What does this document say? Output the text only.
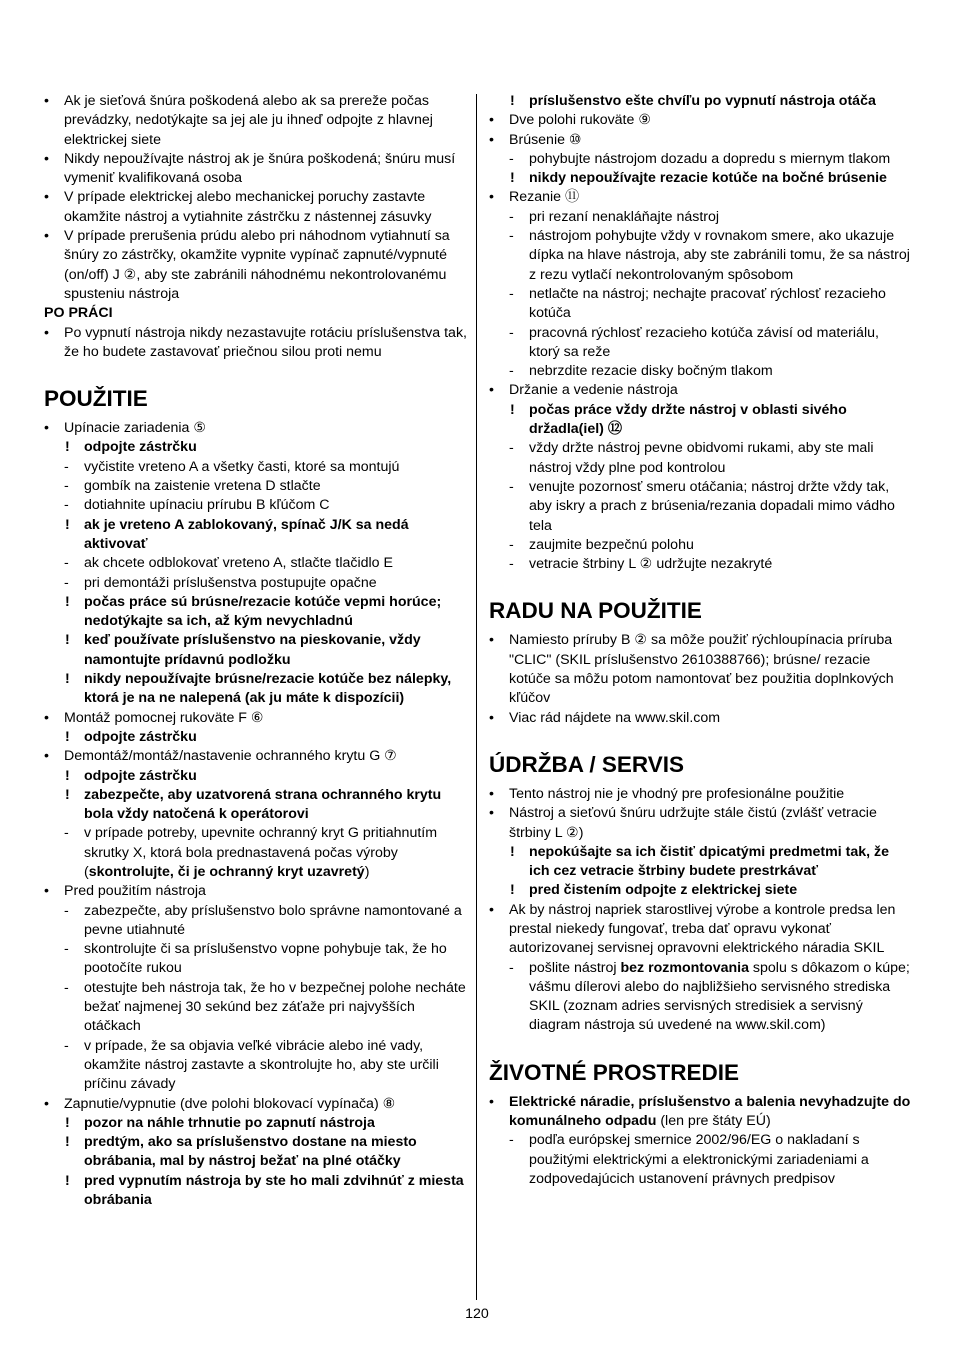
• Ak je sieťová šnúra poškodená alebo ak sa prereže počas prevádzky, nedotýkajte sa jej ale ju ihneď odpojte z hlavnej elektrickej siete
• Nikdy nepoužívajte nástroj ak je šnúra poškodená; šnúru musí vymeniť kvalifikovaná osoba
• V prípade elektrickej alebo mechanickej poruchy zastavte okamžite nástroj a vytiahnite zástrčku z nástennej zásuvky
• V prípade prerušenia prúdu alebo pri náhodnom vytiahnutí sa šnúry zo zástrčky, okamžite vypnite vypínač zapnuté/vypnuté (on/off) J ②, aby ste zabránili náhodnému nekontrolovanému spusteniu nástroja
PO PRÁCI
• Po vypnutí nástroja nikdy nezastavujte rotáciu príslušenstva tak, že ho budete zastavovať priečnou silou proti nemu
POUŽITIE
• Upínacie zariadenia ⑤
! odpojte zástrčku
- vyčistite vreteno A a všetky časti, ktoré sa montujú
- gombík na zaistenie vretena D stlačte
- dotiahnite upínaciu prírubu B kľúčom C
! ak je vreteno A zablokovaný, spínač J/K sa nedá aktivovať
- ak chcete odblokovať vreteno A, stlačte tlačidlo E
- pri demontáži príslušenstva postupujte opačne
! počas práce sú brúsne/rezacie kotúče vepmi horúce; nedotýkajte sa ich, až kým nevychladnú
! keď používate príslušenstvo na pieskovanie, vždy namontujte prídavnú podložku
! nikdy nepoužívajte brúsne/rezacie kotúče bez nálepky, ktorá je na ne nalepená (ak ju máte k dispozícii)
• Montáž pomocnej rukoväte F ⑥
! odpojte zástrčku
• Demontáž/montáž/nastavenie ochranného krytu G ⑦
! odpojte zástrčku
! zabezpečte, aby uzatvorená strana ochranného krytu bola vždy natočená k operátorovi
- v prípade potreby, upevnite ochranný kryt G pritiahnutím skrutky X, ktorá bola prednastavená počas výroby (skontrolujte, či je ochranný kryt uzavretý)
• Pred použitím nástroja
- zabezpečte, aby príslušenstvo bolo správne namontované a pevne utiahnuté
- skontrolujte či sa príslušenstvo vopne pohybuje tak, že ho pootočíte rukou
- otestujte beh nástroja tak, že ho v bezpečnej polohe necháte bežať najmenej 30 sekúnd bez záťaže pri najvyšších otáčkach
- v prípade, že sa objavia veľké vibrácie alebo iné vady, okamžite nástroj zastavte a skontrolujte ho, aby ste určili príčinu závady
• Zapnutie/vypnutie (dve polohi blokovací vypínača) ⑧
! pozor na náhle trhnutie po zapnutí nástroja
! predtým, ako sa príslušenstvo dostane na miesto obrábania, mal by nástroj bežať na plné otáčky
! pred vypnutím nástroja by ste ho mali zdvihnúť z miesta obrábania
! príslušenstvo ešte chvíľu po vypnutí nástroja otáča
• Dve polohi rukoväte ⑨
• Brúsenie ⑩
- pohybujte nástrojom dozadu a dopredu s miernym tlakom
! nikdy nepoužívajte rezacie kotúče na bočné brúsenie
• Rezanie ⑪
- pri rezaní nenakláňajte nástroj
- nástrojom pohybujte vždy v rovnakom smere, ako ukazuje dípka na hlave nástroja, aby ste zabránili tomu, že sa nástroj z rezu vytlačí nekontrolovaným spôsobom
- netlačte na nástroj; nechajte pracovať rýchlosť rezacieho kotúča
- pracovná rýchlosť rezacieho kotúča závisí od materiálu, ktorý sa reže
- nebrzdite rezacie disky bočným tlakom
• Držanie a vedenie nástroja
! počas práce vždy držte nástroj v oblasti sivého držadla(iel) ⑫
- vždy držte nástroj pevne obidvomi rukami, aby ste mali nástroj vždy plne pod kontrolou
- venujte pozornosť smeru otáčania; nástroj držte vždy tak, aby iskry a prach z brúsenia/rezania dopadali mimo vádho tela
- zaujmite bezpečnú polohu
- vetracie štrbiny L ② udržujte nezakryté
RADU NA POUŽITIE
• Namiesto príruby B ② sa môže použiť rýchloupínacia príruba "CLIC" (SKIL príslušenstvo 2610388766); brúsne/ rezacie kotúče sa môžu potom namontovať bez použitia doplnkových kľúčov
• Viac rád nájdete na www.skil.com
ÚDRŽBA / SERVIS
• Tento nástroj nie je vhodný pre profesionálne použitie
• Nástroj a sieťovú šnúru udržujte stále čistú (zvlášť vetracie štrbiny L ②)
! nepokúšajte sa ich čistiť dpicatými predmetmi tak, že ich cez vetracie štrbiny budete prestrkávať
! pred čistením odpojte z elektrickej siete
• Ak by nástroj napriek starostlivej výrobe a kontrole predsa len prestal niekedy fungovať, treba dať opravu vykonať autorizovanej servisnej opravovni elektrického náradia SKIL
- pošlite nástroj bez rozmontovania spolu s dôkazom o kúpe; vášmu dílerovi alebo do najbližšieho servisného strediska SKIL (zoznam adries servisných stredisiek a servisný diagram nástroja sú uvedené na www.skil.com)
ŽIVOTNÉ PROSTREDIE
• Elektrické náradie, príslušenstvo a balenia nevyhadzujte do komunálneho odpadu (len pre štáty EÚ)
- podľa európskej smernice 2002/96/EG o nakladaní s použitými elektrickými a elektronickými zariadeniami a zodpovedajúcich ustanovení právnych predpisov
120
